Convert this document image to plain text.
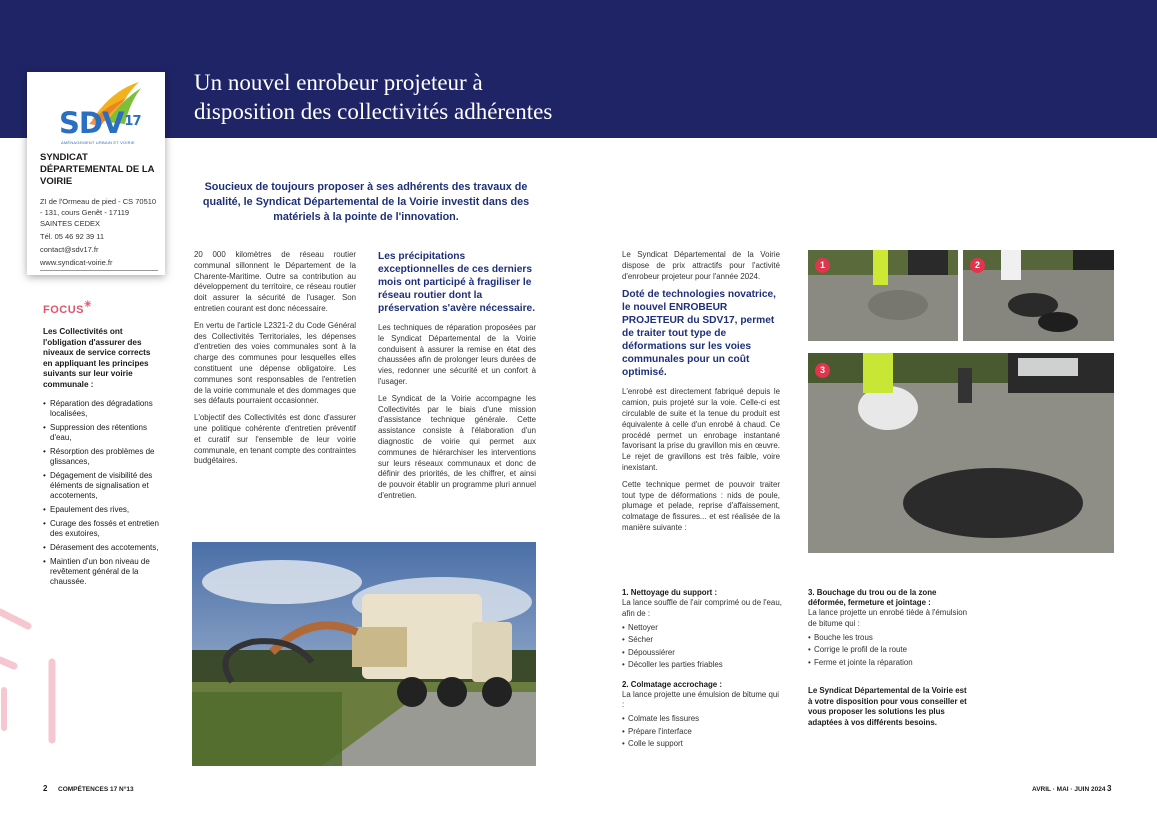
Un nouvel enrobeur projeteur à
disposition des collectivités adhérentes
SDV$^{17}$
AMÉNAGEMENT URBAIN ET VOIRIE
SYNDICAT DÉPARTEMENTAL DE LA VOIRIE
ZI de l'Ormeau de pied - CS 70510 - 131, cours Genêt - 17119 SAINTES CEDEX
Tél. 05 46 92 39 11
contact@sdv17.fr
www.syndicat-voirie.fr
FOCUS✳
Les Collectivités ont l'obligation d'assurer des niveaux de service corrects en appliquant les principes suivants sur leur voirie communale :
• Réparation des dégradations localisées,
• Suppression des rétentions d'eau,
• Résorption des problèmes de glissances,
• Dégagement de visibilité des éléments de signalisation et accotements,
• Epaulement des rives,
• Curage des fossés et entretien des exutoires,
• Dérasement des accotements,
• Maintien d'un bon niveau de revêtement général de la chaussée.
Soucieux de toujours proposer à ses adhérents des travaux de qualité, le Syndicat Départemental de la Voirie investit dans des matériels à la pointe de l'innovation.

20 000 kilomètres de réseau routier communal sillonnent le Département de la Charente-Maritime. Outre sa contribution au développement du territoire, ce réseau routier doit assurer la sécurité de l'usager. Son entretien courant est donc nécessaire.

En vertu de l'article L2321-2 du Code Général des Collectivités Territoriales, les dépenses d'entretien des voies communales sont à la charge des communes pour lesquelles elles constituent une dépense obligatoire. Les communes sont responsables de l'entretien de la voirie communale et des dommages que ses défauts pourraient occasionner.

L'objectif des Collectivités est donc d'assurer une politique cohérente d'entretien préventif et curatif sur l'ensemble de leur voirie communale, en tenant compte des contraintes budgétaires.

Les précipitations exceptionnelles de ces derniers mois ont participé à fragiliser le réseau routier dont la préservation s'avère nécessaire.

Les techniques de réparation proposées par le Syndicat Départemental de la Voirie conduisent à assurer la remise en état des chaussées afin de prolonger leurs durées de vies, redonner une sécurité et un confort à l'usager.

Le Syndicat de la Voirie accompagne les Collectivités par le biais d'une mission d'assistance technique générale. Cette assistance consiste à l'élaboration d'un diagnostic de voirie qui permet aux communes de hiérarchiser les interventions sur leurs réseaux communaux et donc de définir des priorités, de les chiffrer, et ainsi de pouvoir établir un programme pluri annuel d'entretien.

Le Syndicat Départemental de la Voirie dispose de prix attractifs pour l'activité d'enrobeur projeteur pour l'année 2024.

Doté de technologies novatrice, le nouvel ENROBEUR PROJETEUR du SDV17, permet de traiter tout type de déformations sur les voies communales pour un coût optimisé.

L'enrobé est directement fabriqué depuis le camion, puis projeté sur la voie. Celle-ci est circulable de suite et la tenue du produit est équivalente à celle d'un enrobé à chaud. Ce procédé permet un enrobage instantané favorisant la prise du gravillon mis en œuvre. Le rejet de gravillons est très faible, voire inexistant.

Cette technique permet de pouvoir traiter tout type de déformations : nids de poule, plumage et pelade, reprise d'affaissement, colmatage de fissures... et est réalisée de la manière suivante :

1	2
3
1. Nettoyage du support :
La lance souffle de l'air comprimé ou de l'eau, afin de :
• Nettoyer
• Sécher
• Dépoussiérer
• Décoller les parties friables
2. Colmatage accrochage :
La lance projette une émulsion de bitume qui :
• Colmate les fissures
• Prépare l'interface
• Colle le support
3. Bouchage du trou ou de la zone déformée, fermeture et jointage :
La lance projette un enrobé tiède à l'émulsion de bitume qui :
• Bouche les trous
• Corrige le profil de la route
• Ferme et jointe la réparation
Le Syndicat Départemental de la Voirie est à votre disposition pour vous conseiller et vous proposer les solutions les plus adaptées à vos différents besoins.
2 COMPÉTENCES 17 N°13	AVRIL · MAI · JUIN 2024 3
